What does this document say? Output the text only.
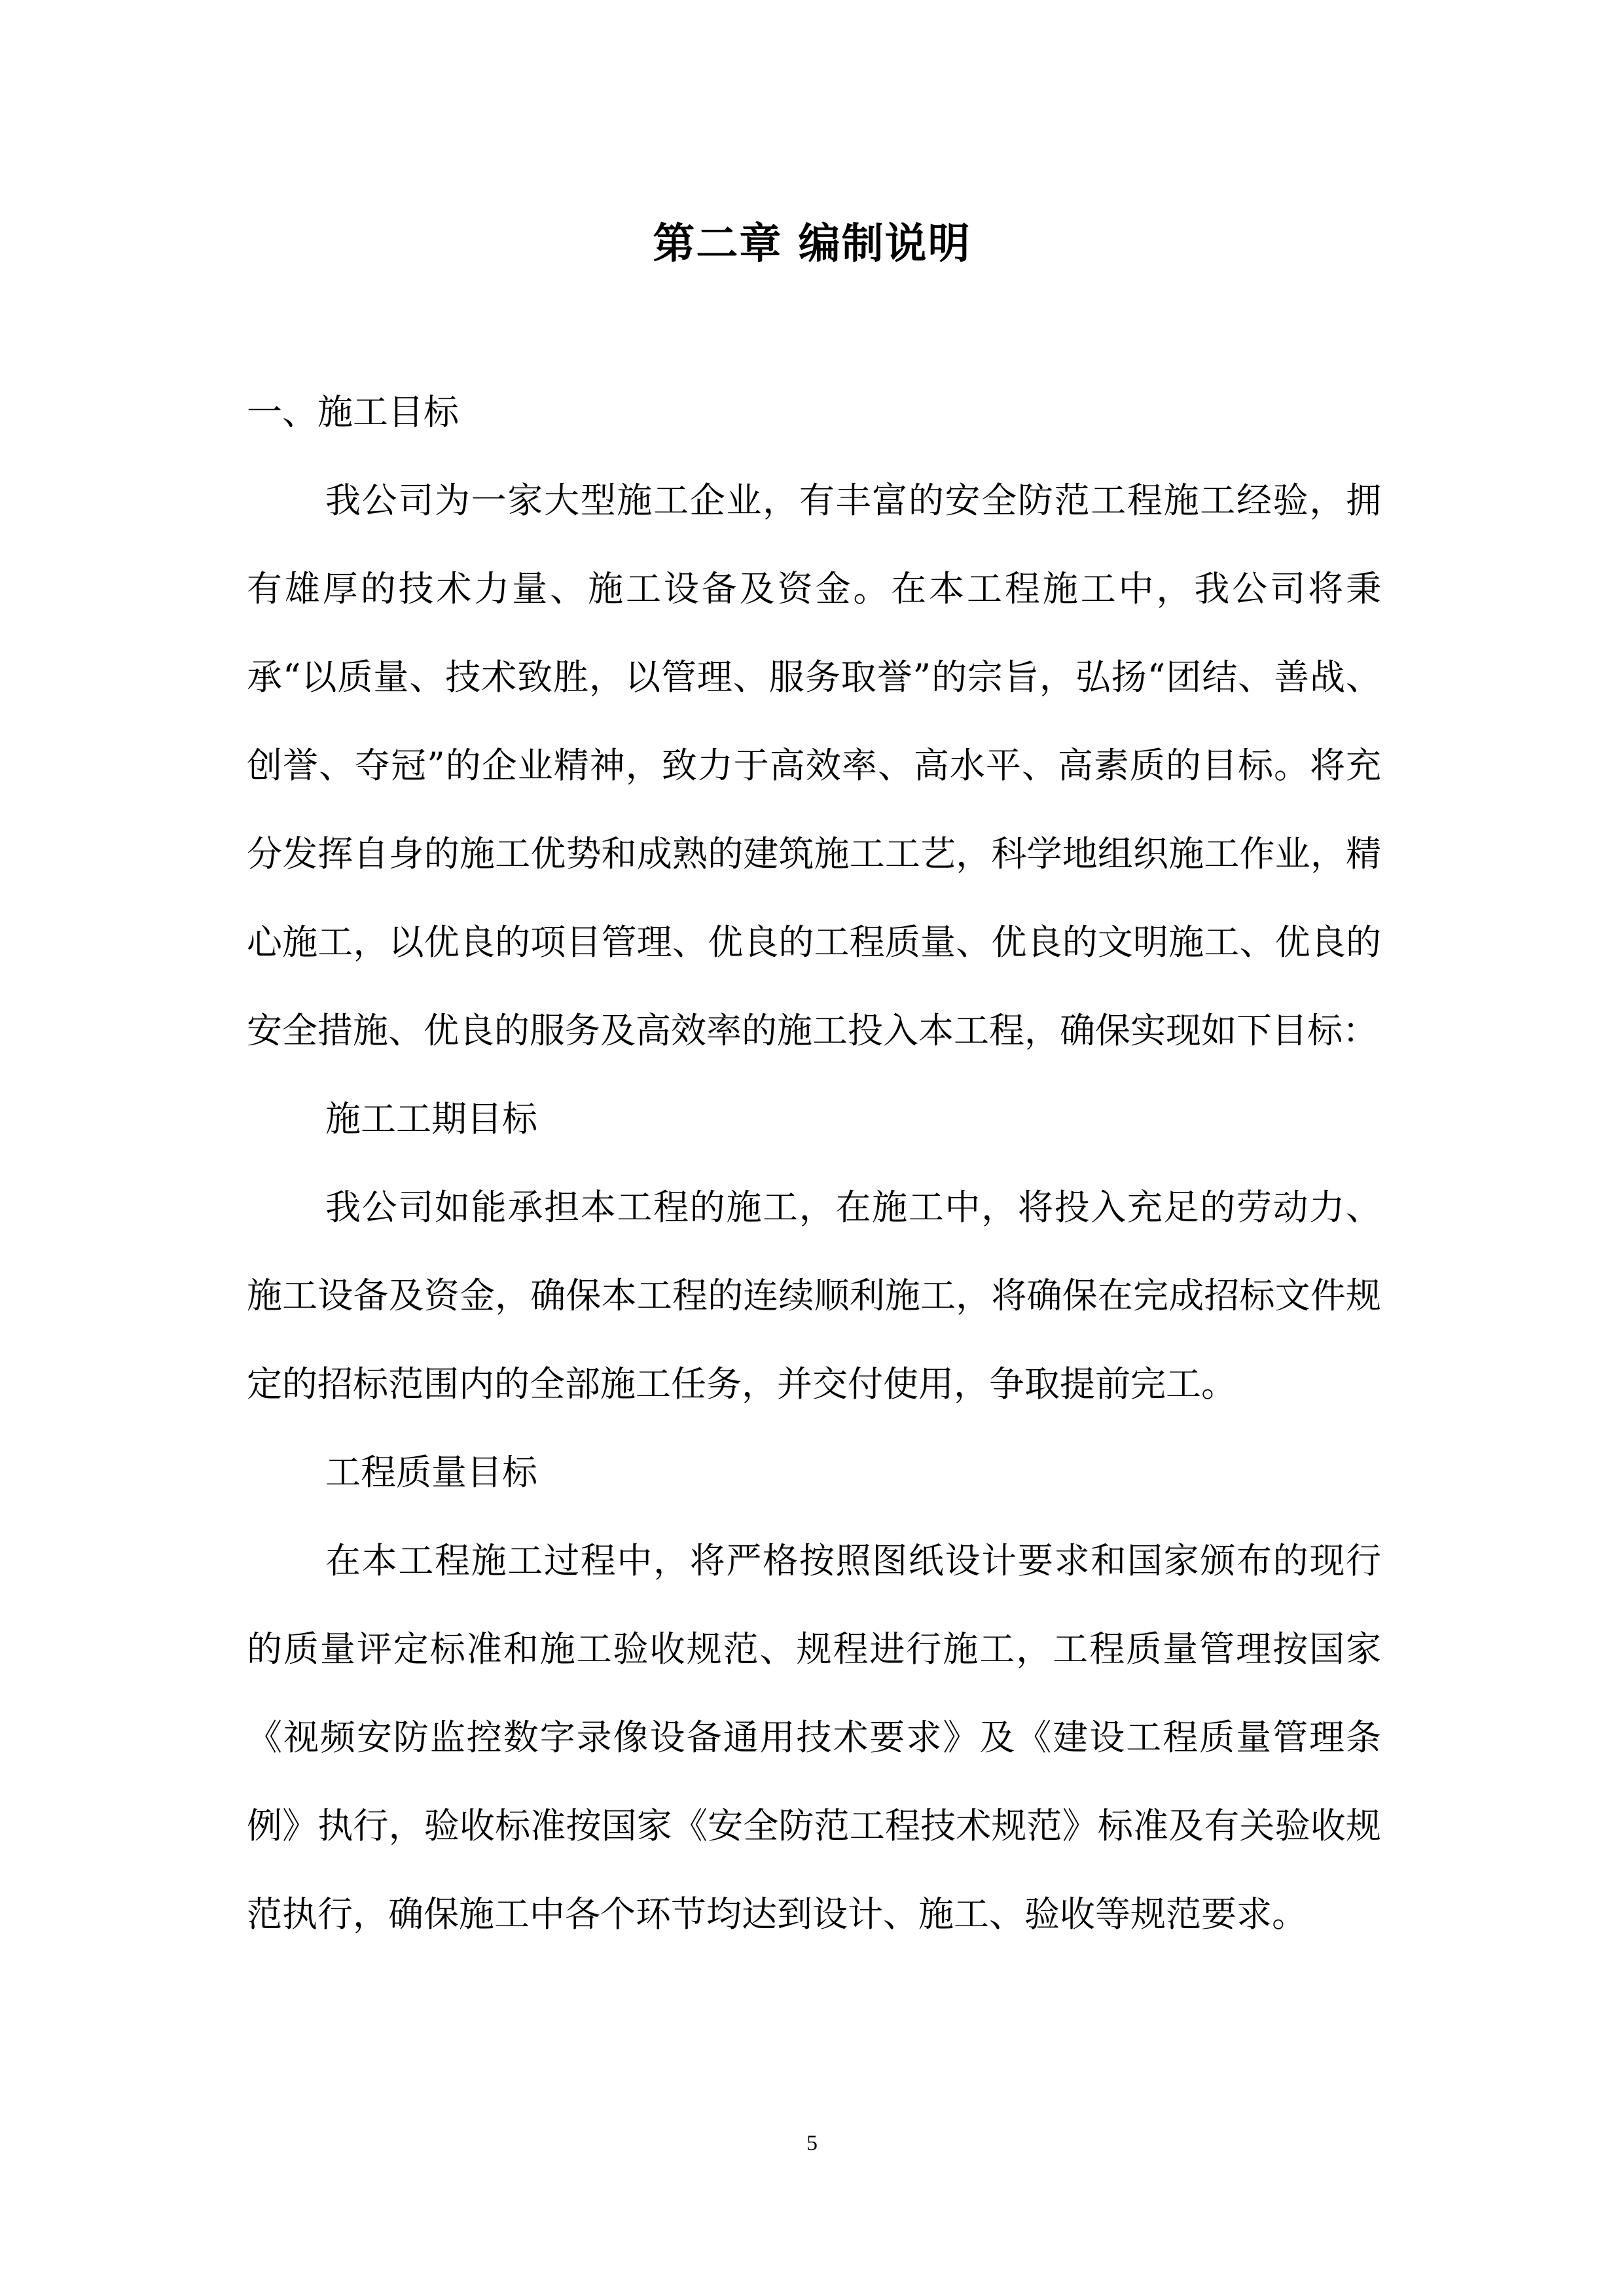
第二章 编制说明

一、施工目标

我公司为一家大型施工企业，有丰富的安全防范工程施工经验，拥有雄厚的技术力量、施工设备及资金。在本工程施工中，我公司将秉承“以质量、技术致胜，以管理、服务取誉”的宗旨，弘扬“团结、善战、创誉、夺冠”的企业精神，致力于高效率、高水平、高素质的目标。将充分发挥自身的施工优势和成熟的建筑施工工艺，科学地组织施工作业，精心施工，以优良的项目管理、优良的工程质量、优良的文明施工、优良的安全措施、优良的服务及高效率的施工投入本工程，确保实现如下目标：

施工工期目标

我公司如能承担本工程的施工，在施工中，将投入充足的劳动力、施工设备及资金，确保本工程的连续顺利施工，将确保在完成招标文件规定的招标范围内的全部施工任务，并交付使用，争取提前完工。

工程质量目标

在本工程施工过程中，将严格按照图纸设计要求和国家颁布的现行的质量评定标准和施工验收规范、规程进行施工，工程质量管理按国家《视频安防监控数字录像设备通用技术要求》及《建设工程质量管理条例》执行，验收标准按国家《安全防范工程技术规范》标准及有关验收规范执行，确保施工中各个环节均达到设计、施工、验收等规范要求。

5
